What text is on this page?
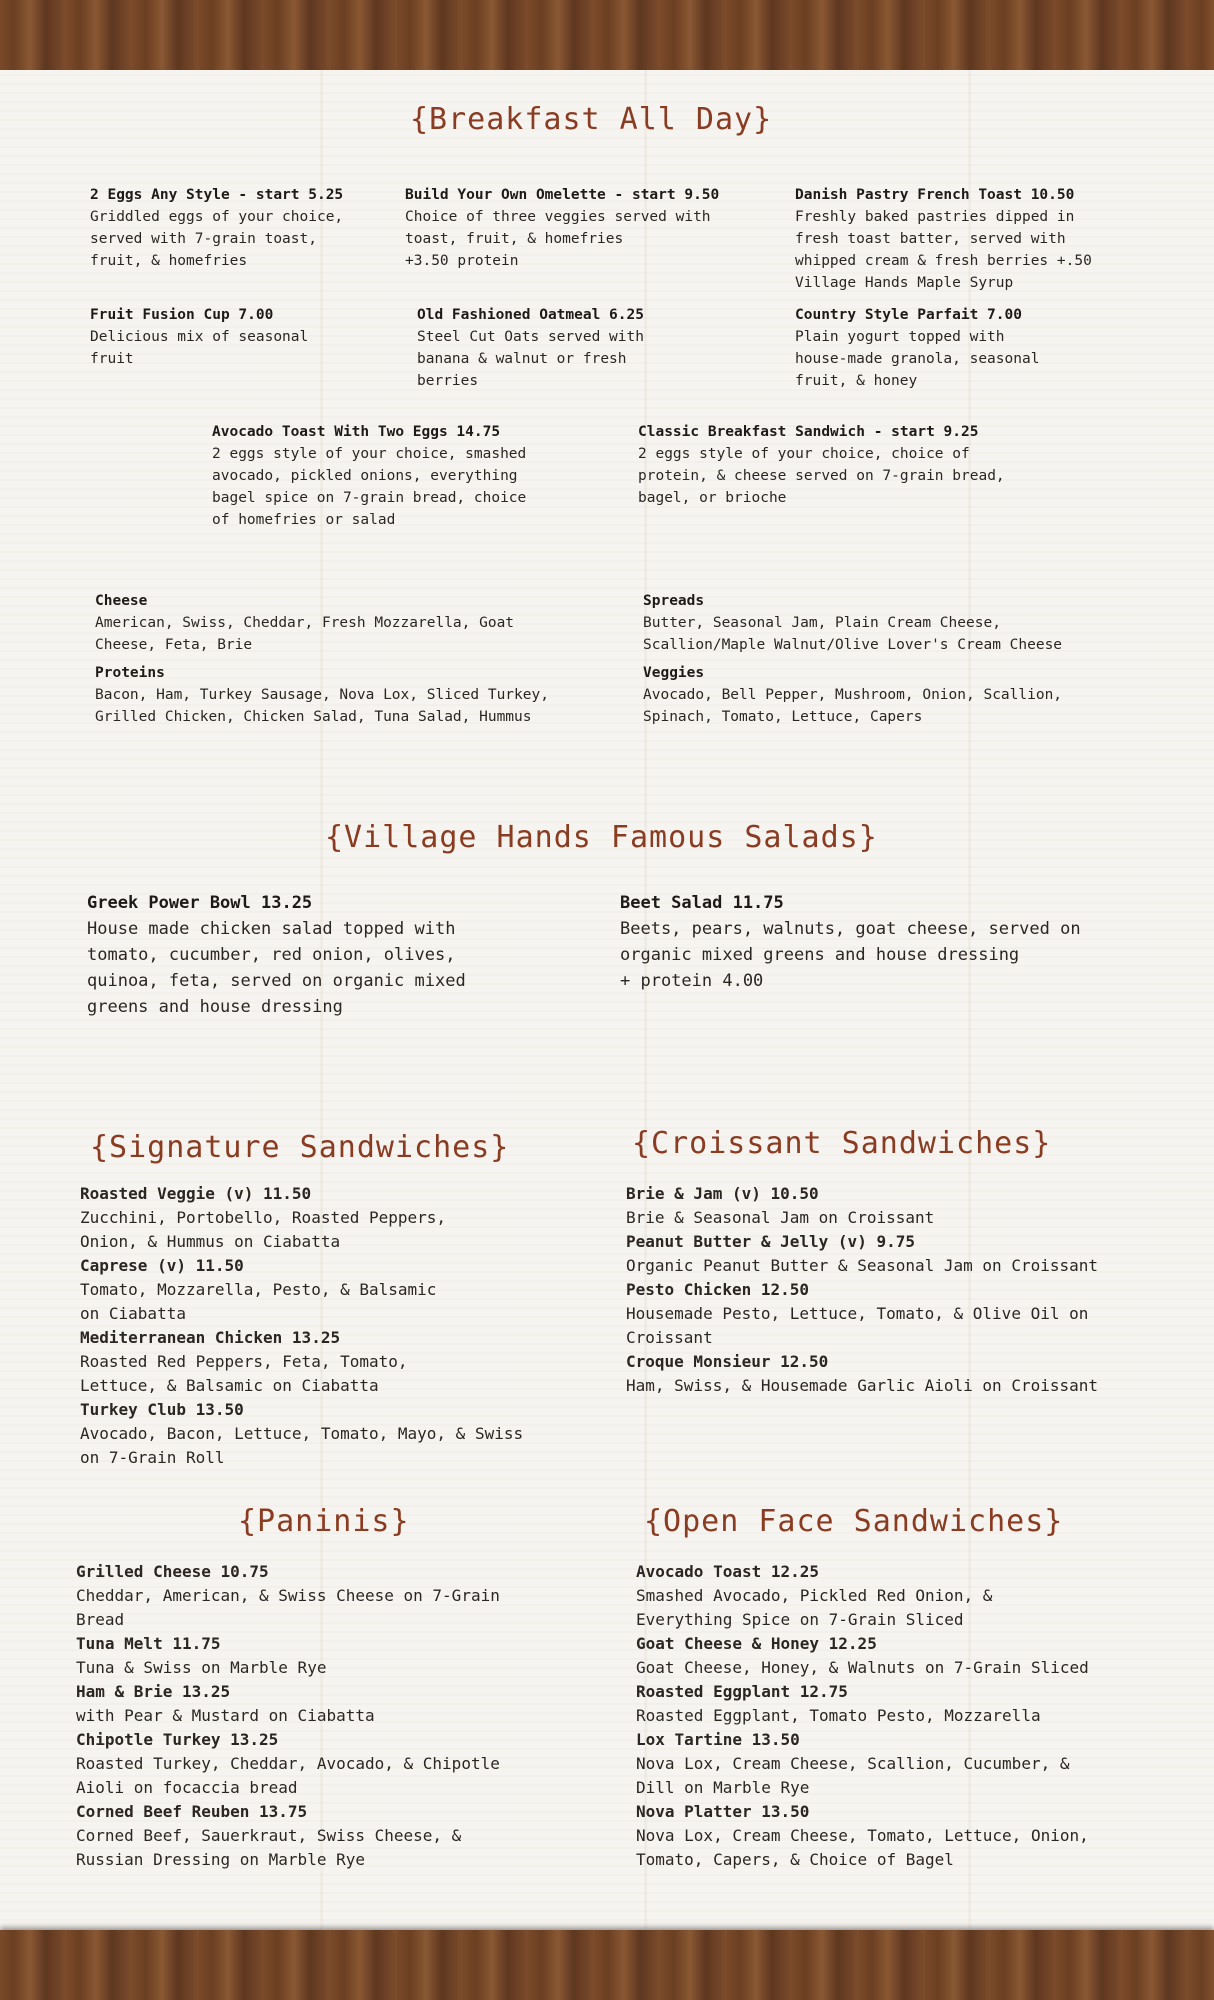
{Breakfast All Day}
2 Eggs Any Style - start 5.25
Griddled eggs of your choice,
served with 7-grain toast,
fruit, & homefries
Build Your Own Omelette - start 9.50
Choice of three veggies served with
toast, fruit, & homefries
+3.50 protein
Danish Pastry French Toast 10.50
Freshly baked pastries dipped in
fresh toast batter, served with
whipped cream & fresh berries +.50
Village Hands Maple Syrup
Fruit Fusion Cup 7.00
Delicious mix of seasonal
fruit
Old Fashioned Oatmeal 6.25
Steel Cut Oats served with
banana & walnut or fresh
berries
Country Style Parfait 7.00
Plain yogurt topped with
house-made granola, seasonal
fruit, & honey
Avocado Toast With Two Eggs 14.75
2 eggs style of your choice, smashed
avocado, pickled onions, everything
bagel spice on 7-grain bread, choice
of homefries or salad
Classic Breakfast Sandwich - start 9.25
2 eggs style of your choice, choice of
protein, & cheese served on 7-grain bread,
bagel, or brioche
Cheese
American, Swiss, Cheddar, Fresh Mozzarella, Goat
Cheese, Feta, Brie
Proteins
Bacon, Ham, Turkey Sausage, Nova Lox, Sliced Turkey,
Grilled Chicken, Chicken Salad, Tuna Salad, Hummus
Spreads
Butter, Seasonal Jam, Plain Cream Cheese,
Scallion/Maple Walnut/Olive Lover's Cream Cheese
Veggies
Avocado, Bell Pepper, Mushroom, Onion, Scallion,
Spinach, Tomato, Lettuce, Capers
{Village Hands Famous Salads}
Greek Power Bowl 13.25
House made chicken salad topped with
tomato, cucumber, red onion, olives,
quinoa, feta, served on organic mixed
greens and house dressing
Beet Salad 11.75
Beets, pears, walnuts, goat cheese, served on
organic mixed greens and house dressing
+ protein 4.00
{Signature Sandwiches}
Roasted Veggie (v) 11.50
Zucchini, Portobello, Roasted Peppers,
Onion, & Hummus on Ciabatta
Caprese (v) 11.50
Tomato, Mozzarella, Pesto, & Balsamic
on Ciabatta
Mediterranean Chicken 13.25
Roasted Red Peppers, Feta, Tomato,
Lettuce, & Balsamic on Ciabatta
Turkey Club 13.50
Avocado, Bacon, Lettuce, Tomato, Mayo, & Swiss
on 7-Grain Roll
{Croissant Sandwiches}
Brie & Jam (v) 10.50
Brie & Seasonal Jam on Croissant
Peanut Butter & Jelly (v) 9.75
Organic Peanut Butter & Seasonal Jam on Croissant
Pesto Chicken 12.50
Housemade Pesto, Lettuce, Tomato, & Olive Oil on
Croissant
Croque Monsieur 12.50
Ham, Swiss, & Housemade Garlic Aioli on Croissant
{Paninis}
Grilled Cheese 10.75
Cheddar, American, & Swiss Cheese on 7-Grain
Bread
Tuna Melt 11.75
Tuna & Swiss on Marble Rye
Ham & Brie 13.25
with Pear & Mustard on Ciabatta
Chipotle Turkey 13.25
Roasted Turkey, Cheddar, Avocado, & Chipotle
Aioli on focaccia bread
Corned Beef Reuben 13.75
Corned Beef, Sauerkraut, Swiss Cheese, &
Russian Dressing on Marble Rye
{Open Face Sandwiches}
Avocado Toast 12.25
Smashed Avocado, Pickled Red Onion, &
Everything Spice on 7-Grain Sliced
Goat Cheese & Honey 12.25
Goat Cheese, Honey, & Walnuts on 7-Grain Sliced
Roasted Eggplant 12.75
Roasted Eggplant, Tomato Pesto, Mozzarella
Lox Tartine 13.50
Nova Lox, Cream Cheese, Scallion, Cucumber, &
Dill on Marble Rye
Nova Platter 13.50
Nova Lox, Cream Cheese, Tomato, Lettuce, Onion,
Tomato, Capers, & Choice of Bagel
